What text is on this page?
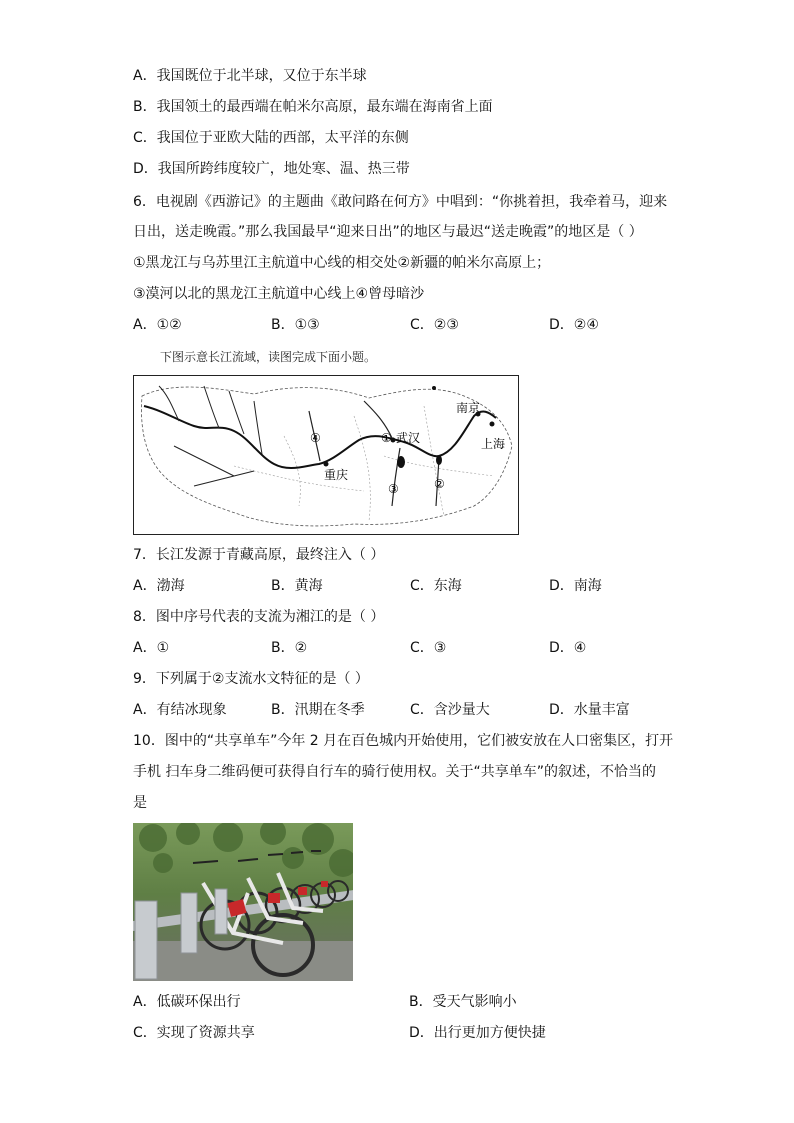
A．我国既位于北半球，又位于东半球
B．我国领土的最西端在帕米尔高原，最东端在海南省上面
C．我国位于亚欧大陆的西部，太平洋的东侧
D．我国所跨纬度较广，地处寒、温、热三带
6．电视剧《西游记》的主题曲《敢问路在何方》中唱到：“你挑着担，我牵着马，迎来
日出，送走晚霞。”那么我国最早“迎来日出”的地区与最迟“送走晚霞”的地区是（ ）
①黑龙江与乌苏里江主航道中心线的相交处②新疆的帕米尔高原上；
③漠河以北的黑龙江主航道中心线上④曾母暗沙
A．①②	B．①③	C．②③	D．②④
下图示意长江流域，读图完成下面小题。
南京
武汉	上海
重庆
①
②
③
④
7．长江发源于青藏高原，最终注入（ ）
A．渤海	B．黄海	C．东海	D．南海
8．图中序号代表的支流为湘江的是（ ）
A．①	B．②	C．③	D．④
9．下列属于②支流水文特征的是（ ）
A．有结冰现象	B．汛期在冬季	C．含沙量大	D．水量丰富
10．图中的“共享单车”今年 2 月在百色城内开始使用，它们被安放在人口密集区，打开
手机 扫车身二维码便可获得自行车的骑行使用权。关于“共享单车”的叙述，不恰当的
是
A．低碳环保出行	B．受天气影响小
C．实现了资源共享	D．出行更加方便快捷
